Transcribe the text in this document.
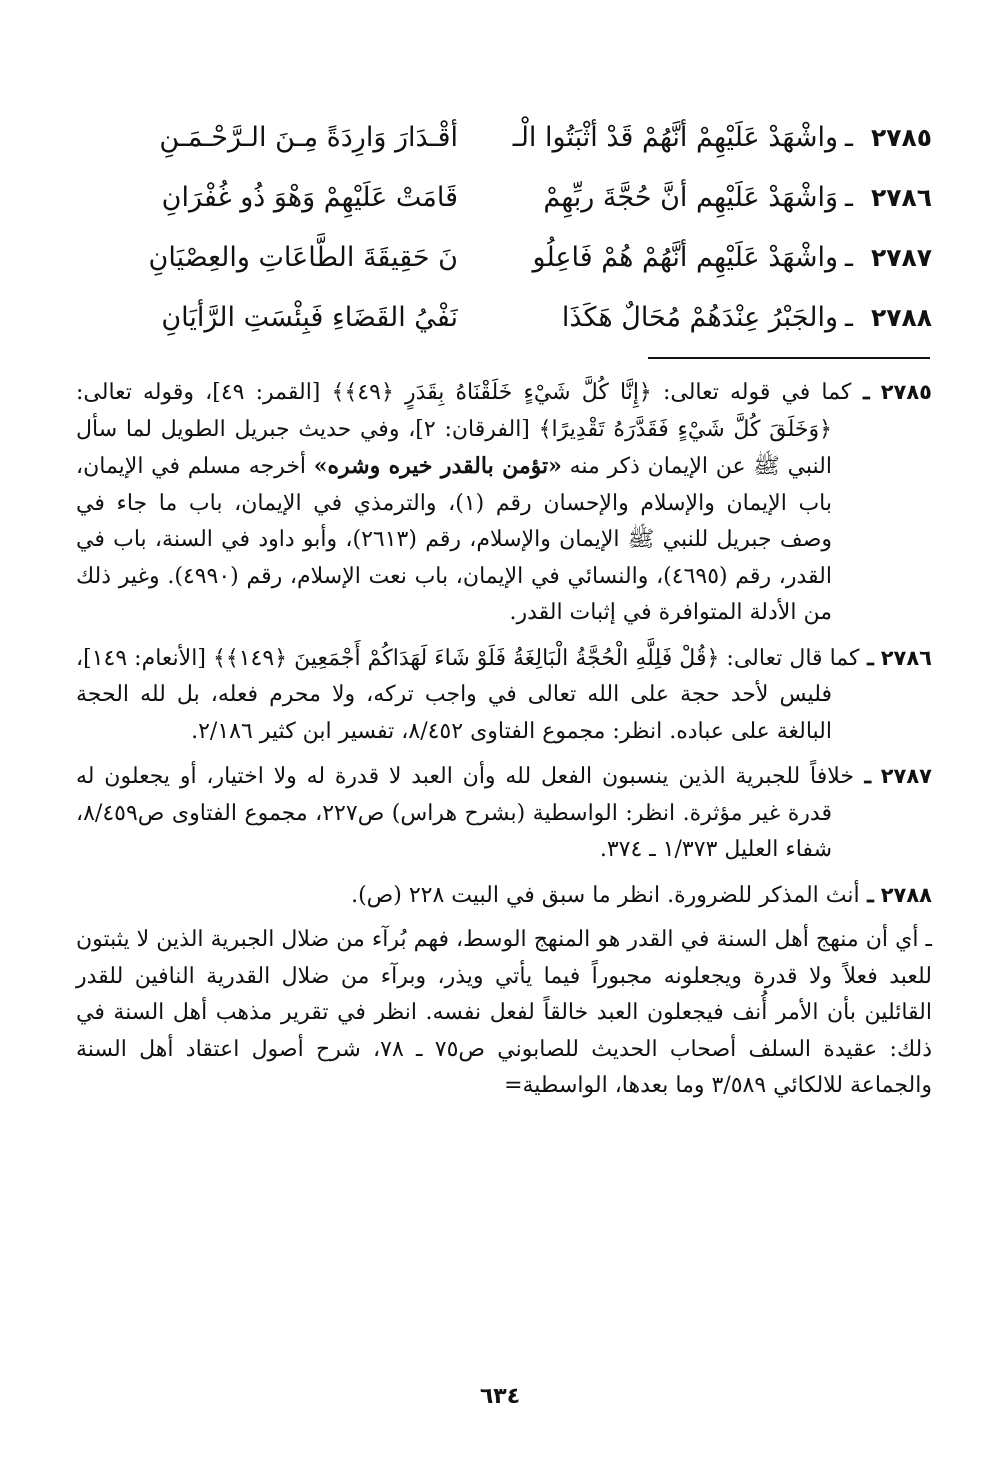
٢٧٨٥
ـ
واشْهَدْ عَلَيْهِمْ أنَّهُمْ قَدْ أثْبَتُوا الْـ
أقْـدَارَ وَارِدَةً مِـنَ الـرَّحْـمَـنِ
٢٧٨٦
ـ
وَاشْهَدْ عَلَيْهِم أنَّ حُجَّةَ ربِّهِمْ
قَامَتْ عَلَيْهِمْ وَهْوَ ذُو غُفْرَانِ
٢٧٨٧
ـ
واشْهَدْ عَلَيْهِم أنَّهُمْ هُمْ فَاعِلُو
نَ حَقِيقَةَ الطَّاعَاتِ والعِصْيَانِ
٢٧٨٨
ـ
والجَبْرُ عِنْدَهُمْ مُحَالٌ هَكَذَا
نَفْيُ القَضَاءِ فَبِئْسَتِ الرَّأيَانِ

٢٧٨٥ ـ كما في قوله تعالى: ﴿إِنَّا كُلَّ شَيْءٍ خَلَقْنَاهُ بِقَدَرٍ ﴿٤٩﴾﴾ [القمر: ٤٩]، وقوله تعالى: ﴿وَخَلَقَ كُلَّ شَيْءٍ فَقَدَّرَهُ تَقْدِيرًا﴾ [الفرقان: ٢]، وفي حديث جبريل الطويل لما سأل النبي ﷺ عن الإيمان ذكر منه «تؤمن بالقدر خيره وشره» أخرجه مسلم في الإيمان، باب الإيمان والإسلام والإحسان رقم (١)، والترمذي في الإيمان، باب ما جاء في وصف جبريل للنبي ﷺ الإيمان والإسلام، رقم (٢٦١٣)، وأبو داود في السنة، باب في القدر، رقم (٤٦٩٥)، والنسائي في الإيمان، باب نعت الإسلام، رقم (٤٩٩٠). وغير ذلك من الأدلة المتوافرة في إثبات القدر.

٢٧٨٦ ـ كما قال تعالى: ﴿قُلْ فَلِلَّهِ الْحُجَّةُ الْبَالِغَةُ فَلَوْ شَاءَ لَهَدَاكُمْ أَجْمَعِينَ ﴿١٤٩﴾﴾ [الأنعام: ١٤٩]، فليس لأحد حجة على الله تعالى في واجب تركه، ولا محرم فعله، بل لله الحجة البالغة على عباده. انظر: مجموع الفتاوى ٨/٤٥٢، تفسير ابن كثير ٢/١٨٦.

٢٧٨٧ ـ خلافاً للجبرية الذين ينسبون الفعل لله وأن العبد لا قدرة له ولا اختيار، أو يجعلون له قدرة غير مؤثرة. انظر: الواسطية (بشرح هراس) ص٢٢٧، مجموع الفتاوى ص٨/٤٥٩، شفاء العليل ١/٣٧٣ ـ ٣٧٤.

٢٧٨٨ ـ أنث المذكر للضرورة. انظر ما سبق في البيت ٢٢٨ (ص).

ـ أي أن منهج أهل السنة في القدر هو المنهج الوسط، فهم بُرآء من ضلال الجبرية الذين لا يثبتون للعبد فعلاً ولا قدرة ويجعلونه مجبوراً فيما يأتي ويذر، وبرآء من ضلال القدرية النافين للقدر القائلين بأن الأمر أُنف فيجعلون العبد خالقاً لفعل نفسه. انظر في تقرير مذهب أهل السنة في ذلك: عقيدة السلف أصحاب الحديث للصابوني ص٧٥ ـ ٧٨، شرح أصول اعتقاد أهل السنة والجماعة للالكائي ٣/٥٨٩ وما بعدها، الواسطية=

٦٣٤
